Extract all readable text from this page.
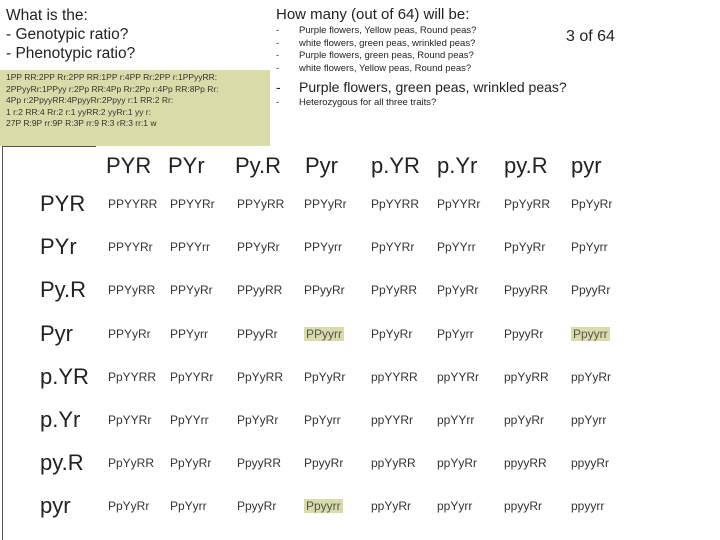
What is the:
- Genotypic ratio?
- Phenotypic ratio?
1PP RR:2PP Rr:2PP RR:1PP r:4PP Rr:2PP r:1PPyyRR:
2PPyyRr:1PPyy r:2Pp RR:4Pp Rr:2Pp r:4Pp RR:8Pp Rr:
4Pp r:2PpyyRR:4PpyyRr:2Ppyy r:1 RR:2 Rr:
1 r:2 RR:4 Rr:2 r:1 yyRR:2 yyRr:1 yy r:
27P R:9P rr:9P R:3P rr:9 R:3 rR:3 rr:1 w
How many (out of 64) will be:
3 of 64
-	Purple flowers, Yellow peas, Round peas?
-	white flowers, green peas, wrinkled peas?
-	Purple flowers, green peas, Round peas?
-	white flowers, Yellow peas, Round peas?
-	Purple flowers, green peas, wrinkled peas?
-	Heterozygous for all three traits?
PYR PYr Py.R Pyr p.YR p.Yr py.R pyr
PYR PPYYRR PPYYRr PPYyRR PPYyRr PpYYRR PpYYRr PpYyRR PpYyRr
PYr	PPYYRr PPYYrr PPYyRr PPYyrr PpYYRr PpYYrr PpYyRr PpYyrr
Py.R PPYyRR PPYyRr PPyyRR PPyyRr PpYyRR PpYyRr PpyyRR PpyyRr
Pyr	PPYyRr PPYyrr PPyyRr PPyyrr PpYyRr PpYyrr	PpyyRr Ppyyrr
p.YR PpYYRR PpYYRr PpYyRR PpYyRr ppYYRR ppYYRr ppYyRR ppYyRr
p.Yr PpYYRr PpYYrr PpYyRr PpYyrr	ppYYRr ppYYrr ppYyRr ppYyrr
py.R PpYyRR PpYyRr PpyyRR PpyyRr ppYyRR ppYyRr ppyyRR ppyyRr
pyr	PpYyRr PpYyrr	PpyyRr Ppyyrr	ppYyRr ppYyrr	ppyyRr ppyyrr
